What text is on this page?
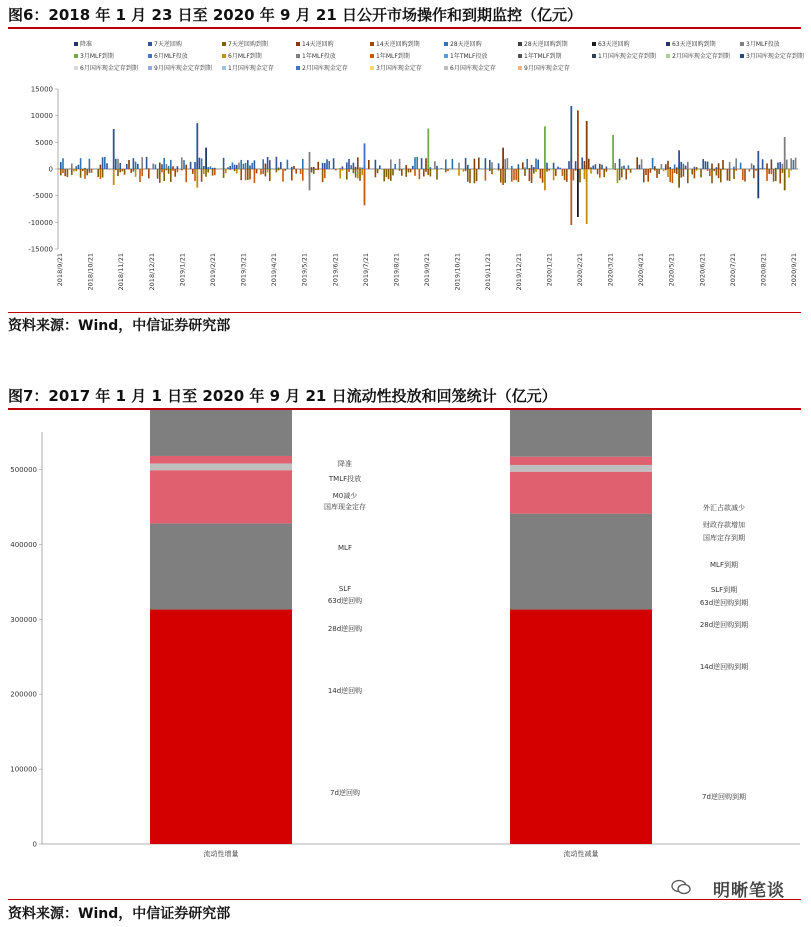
图6：2018 年 1 月 23 日至 2020 年 9 月 21 日公开市场操作和到期监控（亿元）
降准	7天逆回购	7天逆回购到期	14天逆回购	14天逆回购到期	28天逆回购	28天逆回购到期	63天逆回购	63天逆回购到期	3月MLF投放
3月MLF到期	6月MLF投放	6月MLF到期	1年MLF投放	1年MLF到期	1年TMLF投放	1年TMLF到期	1月国库现金定存到期	2月国库现金定存到期	3月国库现金定存到期
6月国库现金定存到期	9月国库现金定存到期	1月国库现金定存	2月国库现金定存	3月国库现金定存	6月国库现金定存	9月国库现金定存
15000
10000
5000
0
-5000
-10000
-15000
2018/9/21	2018/10/21	2018/11/21	2018/12/21	2019/1/21	2019/2/21	2019/3/21	2019/4/21	2019/5/21	2019/6/21	2019/7/21	2019/8/21	2019/9/21	2019/10/21	2019/11/21	2019/12/21	2020/1/21	2020/2/21	2020/3/21	2020/4/21	2020/5/21	2020/6/21	2020/7/21	2020/8/21	2020/9/21
资料来源：Wind，中信证券研究部
图7：2017 年 1 月 1 日至 2020 年 9 月 21 日流动性投放和回笼统计（亿元）
0
100000
200000
300000
400000
500000
流动性增量	流动性减量
降准
TMLF投放
M0减少
国库现金定存
MLF
SLF
63d逆回购
28d逆回购
14d逆回购
7d逆回购
外汇占款减少
财政存款增加
国库定存到期
MLF到期
SLF到期
63d逆回购到期
28d逆回购到期
14d逆回购到期
7d逆回购到期
资料来源：Wind，中信证券研究部
明晰笔谈
